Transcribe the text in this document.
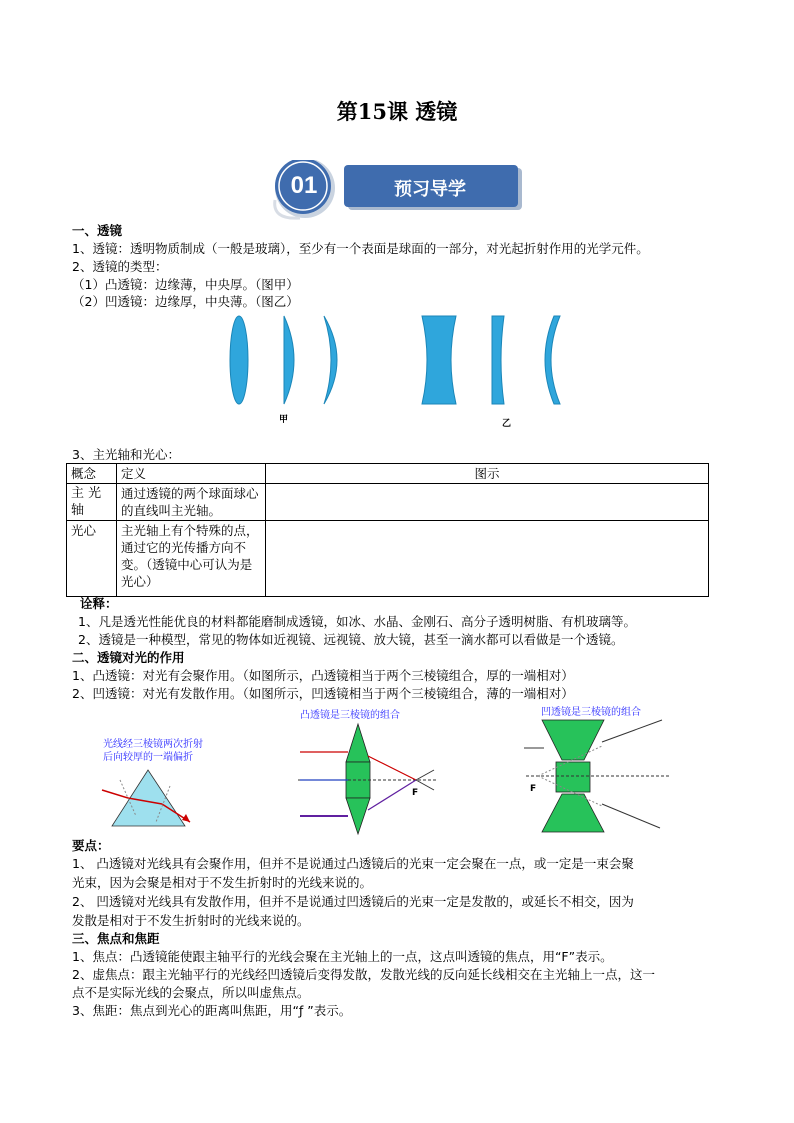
第15课 透镜
01	预习导学
一、透镜
1、透镜：透明物质制成（一般是玻璃），至少有一个表面是球面的一部分，对光起折射作用的光学元件。
2、透镜的类型：
（1）凸透镜：边缘薄，中央厚。（图甲）
（2）凹透镜：边缘厚，中央薄。（图乙）
甲	乙
3、主光轴和光心：
概念	定义	图示
主 光 轴	通过透镜的两个球面球心的直线叫主光轴。	
光心	主光轴上有个特殊的点，通过它的光传播方向不变。（透镜中心可认为是光心）	
诠释：
1、凡是透光性能优良的材料都能磨制成透镜，如冰、水晶、金刚石、高分子透明树脂、有机玻璃等。
2、透镜是一种模型，常见的物体如近视镜、远视镜、放大镜，甚至一滴水都可以看做是一个透镜。
二、透镜对光的作用
1、凸透镜：对光有会聚作用。（如图所示，凸透镜相当于两个三棱镜组合，厚的一端相对）
2、凹透镜：对光有发散作用。（如图所示，凹透镜相当于两个三棱镜组合，薄的一端相对）
光线经三棱镜两次折射
后向较厚的一端偏折
凸透镜是三棱镜的组合
F
凹透镜是三棱镜的组合
F
要点：
1、 凸透镜对光线具有会聚作用，但并不是说通过凸透镜后的光束一定会聚在一点，或一定是一束会聚
光束，因为会聚是相对于不发生折射时的光线来说的。
2、 凹透镜对光线具有发散作用，但并不是说通过凹透镜后的光束一定是发散的，或延长不相交，因为
发散是相对于不发生折射时的光线来说的。
三、焦点和焦距
1、焦点：凸透镜能使跟主轴平行的光线会聚在主光轴上的一点，这点叫透镜的焦点，用“F”表示。
2、虚焦点：跟主光轴平行的光线经凹透镜后变得发散，发散光线的反向延长线相交在主光轴上一点，这一
点不是实际光线的会聚点，所以叫虚焦点。
3、焦距：焦点到光心的距离叫焦距，用“ƒ ”表示。
